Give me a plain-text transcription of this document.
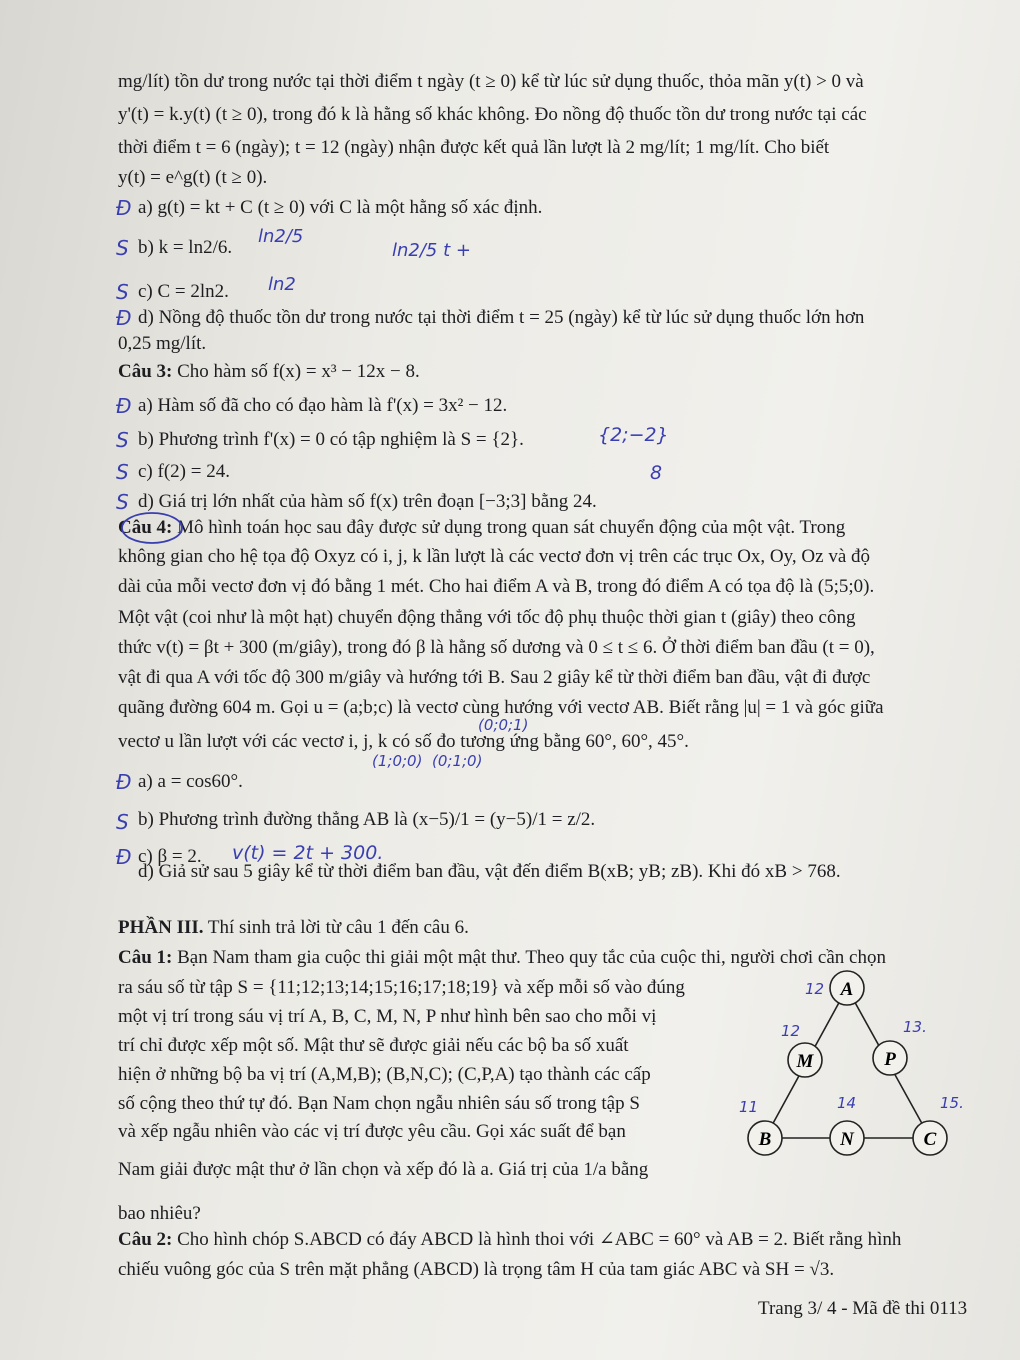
mg/lít) tồn dư trong nước tại thời điểm t ngày (t ≥ 0) kể từ lúc sử dụng thuốc, thỏa mãn y(t) > 0 và
y'(t) = k.y(t) (t ≥ 0), trong đó k là hằng số khác không. Đo nồng độ thuốc tồn dư trong nước tại các
thời điểm t = 6 (ngày); t = 12 (ngày) nhận được kết quả lần lượt là 2 mg/lít; 1 mg/lít. Cho biết
y(t) = e^g(t) (t ≥ 0).
Đ a) g(t) = kt + C (t ≥ 0) với C là một hằng số xác định.
S b) k = ln2/6.
ln2/5
ln2/5 t +
S c) C = 2ln2. ln2
Đ d) Nồng độ thuốc tồn dư trong nước tại thời điểm t = 25 (ngày) kể từ lúc sử dụng thuốc lớn hơn
0,25 mg/lít.
Câu 3: Cho hàm số f(x) = x³ − 12x − 8.
Đ a) Hàm số đã cho có đạo hàm là f'(x) = 3x² − 12.
S b) Phương trình f'(x) = 0 có tập nghiệm là S = {2}.	{2;−2}
S c) f(2) = 24.	8
S d) Giá trị lớn nhất của hàm số f(x) trên đoạn [−3;3] bằng 24.
Câu 4: Mô hình toán học sau đây được sử dụng trong quan sát chuyển động của một vật. Trong
không gian cho hệ tọa độ Oxyz có i, j, k lần lượt là các vectơ đơn vị trên các trục Ox, Oy, Oz và độ
dài của mỗi vectơ đơn vị đó bằng 1 mét. Cho hai điểm A và B, trong đó điểm A có tọa độ là (5;5;0).
Một vật (coi như là một hạt) chuyển động thẳng với tốc độ phụ thuộc thời gian t (giây) theo công
thức v(t) = βt + 300 (m/giây), trong đó β là hằng số dương và 0 ≤ t ≤ 6. Ở thời điểm ban đầu (t = 0),
vật đi qua A với tốc độ 300 m/giây và hướng tới B. Sau 2 giây kể từ thời điểm ban đầu, vật đi được
quãng đường 604 m. Gọi u = (a;b;c) là vectơ cùng hướng với vectơ AB. Biết rằng |u| = 1 và góc giữa
vectơ u lần lượt với các vectơ i, j, k có số đo tương ứng bằng 60°, 60°, 45°.
(1;0;0) (0;1;0)
(0;0;1)
Đ a) a = cos60°.
S b) Phương trình đường thẳng AB là (x−5)/1 = (y−5)/1 = z/2.
Đ c) β = 2. v(t) = 2t + 300.
d) Giả sử sau 5 giây kể từ thời điểm ban đầu, vật đến điểm B(xB; yB; zB). Khi đó xB > 768.
PHẦN III. Thí sinh trả lời từ câu 1 đến câu 6.
Câu 1: Bạn Nam tham gia cuộc thi giải một mật thư. Theo quy tắc của cuộc thi, người chơi cần chọn
ra sáu số từ tập S = {11;12;13;14;15;16;17;18;19} và xếp mỗi số vào đúng
một vị trí trong sáu vị trí A, B, C, M, N, P như hình bên sao cho mỗi vị
trí chỉ được xếp một số. Mật thư sẽ được giải nếu các bộ ba số xuất
hiện ở những bộ ba vị trí (A,M,B); (B,N,C); (C,P,A) tạo thành các cấp
số cộng theo thứ tự đó. Bạn Nam chọn ngẫu nhiên sáu số trong tập S
và xếp ngẫu nhiên vào các vị trí được yêu cầu. Gọi xác suất để bạn
Nam giải được mật thư ở lần chọn và xếp đó là a. Giá trị của 1/a bằng
bao nhiêu?
Câu 2: Cho hình chóp S.ABCD có đáy ABCD là hình thoi với ∠ABC = 60° và AB = 2. Biết rằng hình
chiếu vuông góc của S trên mặt phẳng (ABCD) là trọng tâm H của tam giác ABC và SH = √3.
A
M	P
B	N	C
12
13.
12
14	15.
11
Trang 3/ 4 - Mã đề thi 0113
